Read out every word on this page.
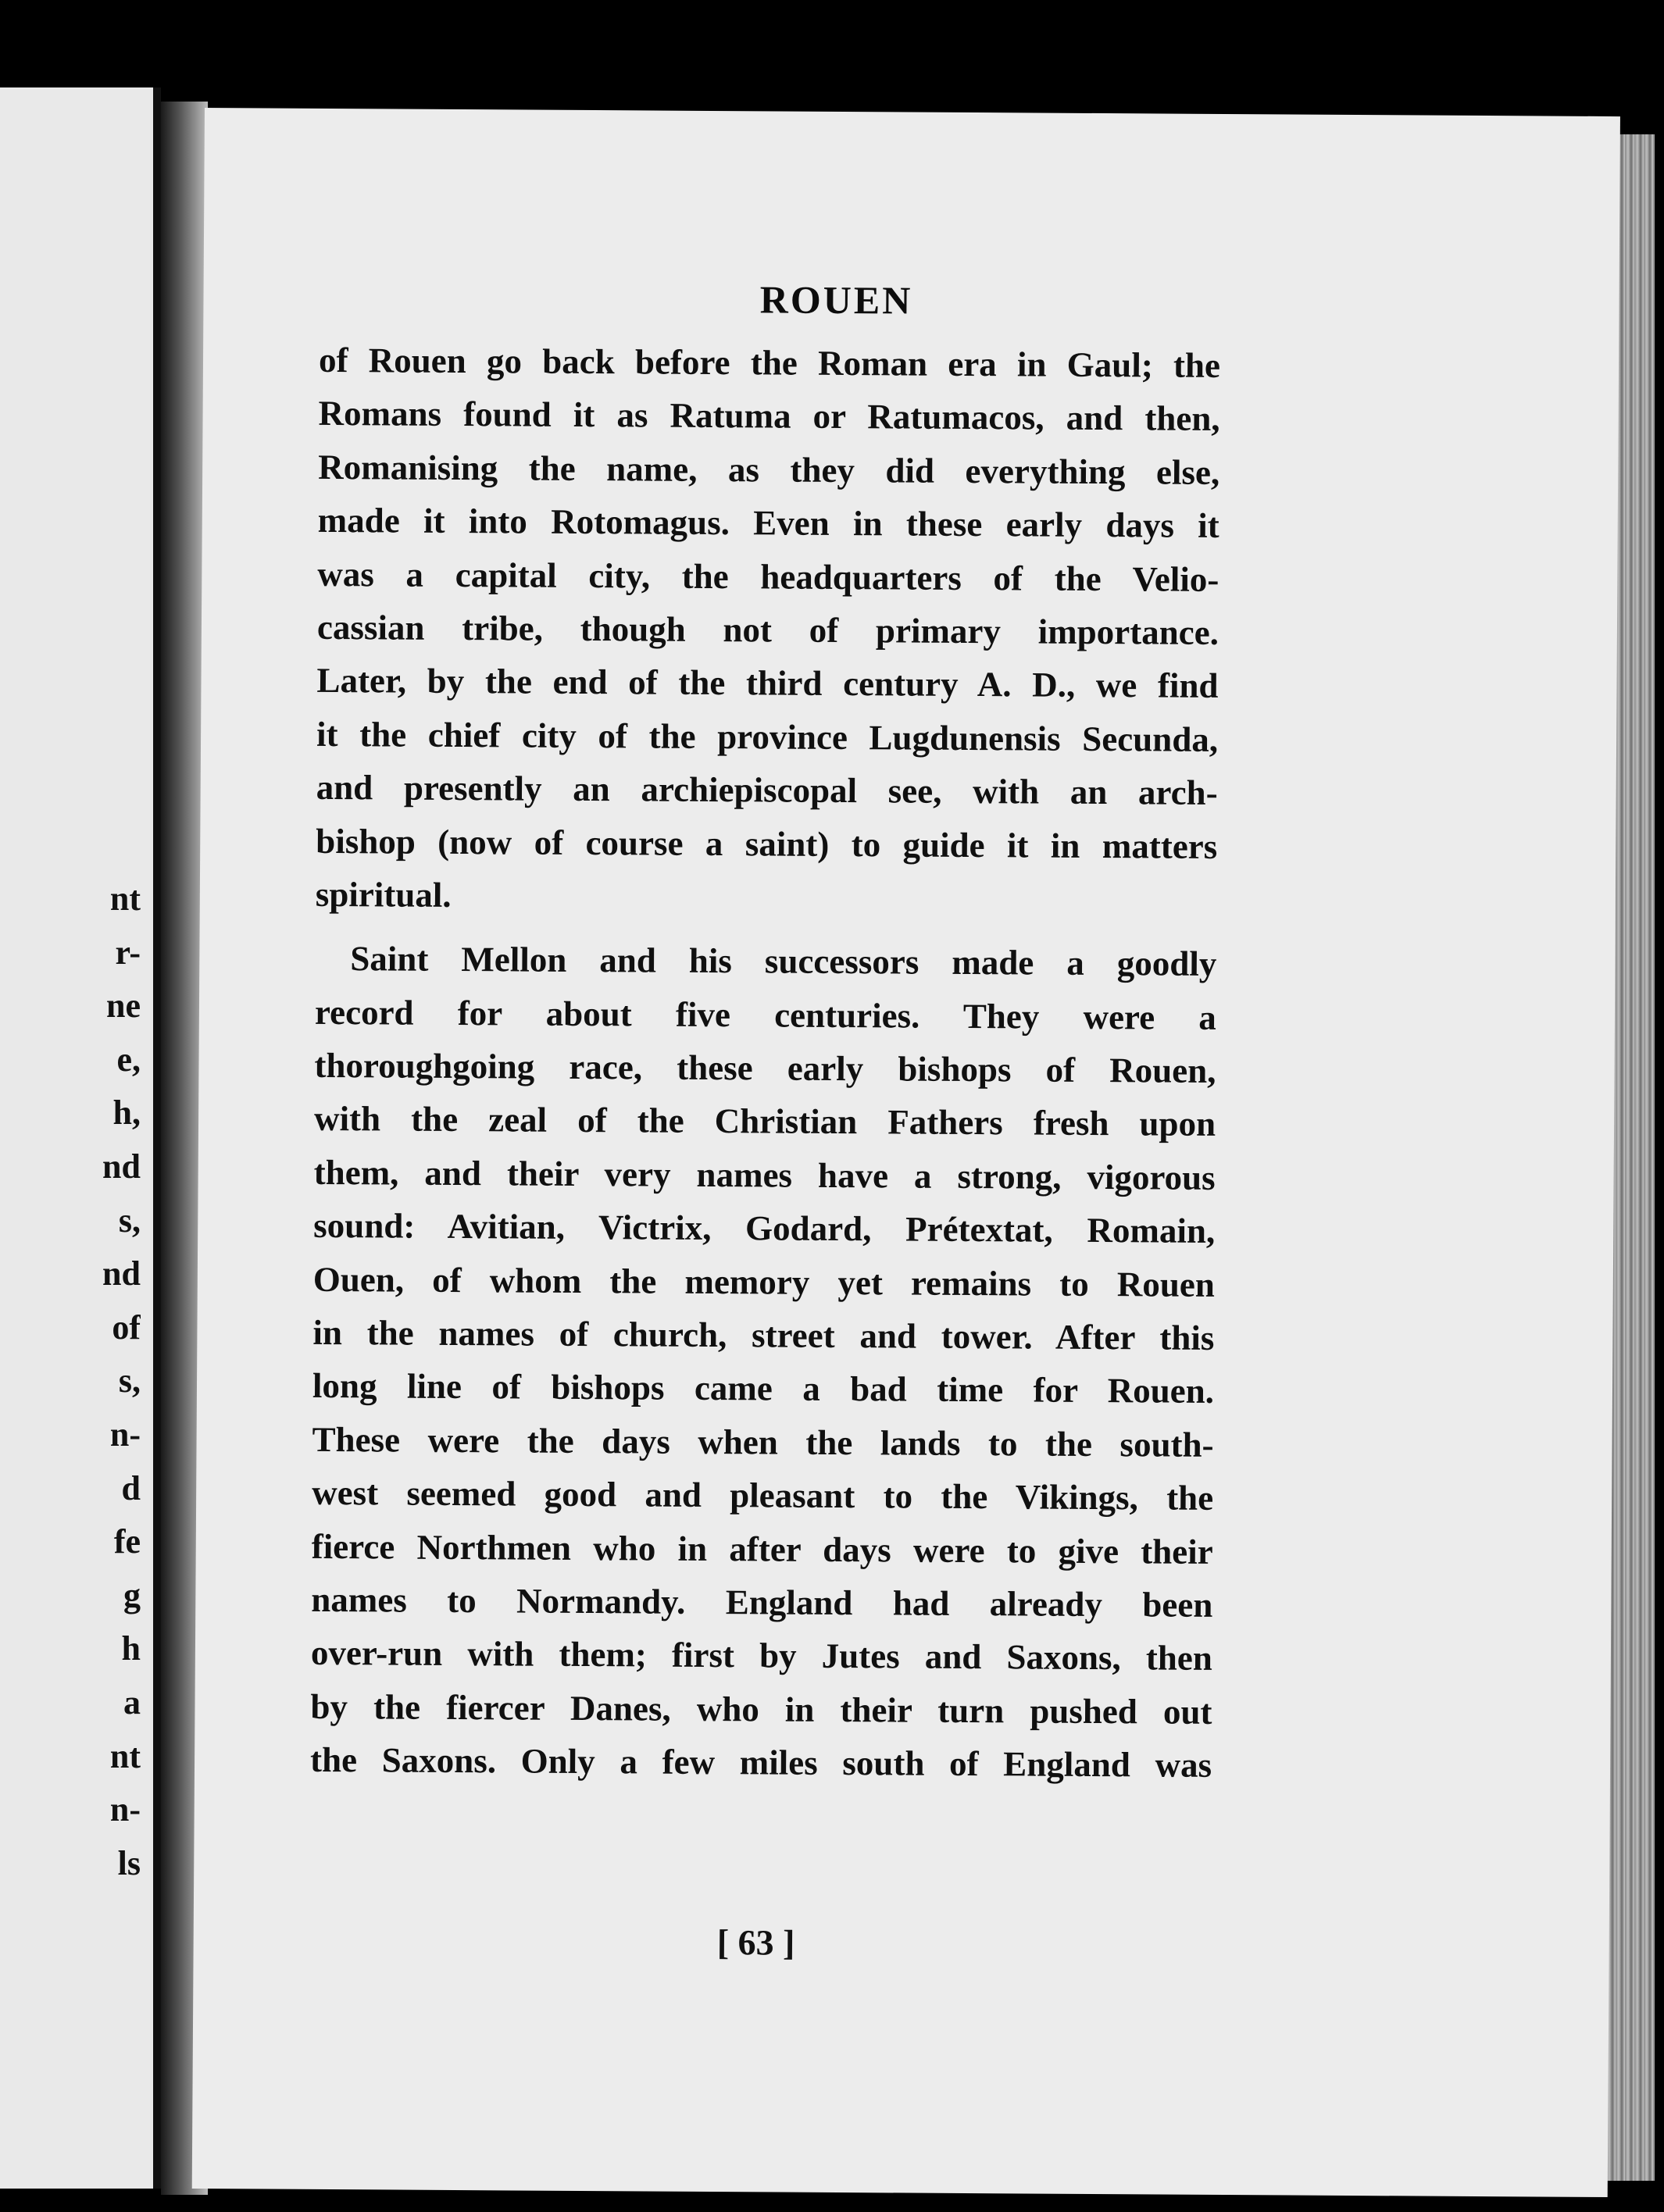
nt
r-
ne
e,
h,
nd
s,
nd
of
s,
n-
d
fe
g
h
a
nt
n-
ls
ROUEN
of Rouen go back before the Roman era in Gaul; the
Romans found it as Ratuma or Ratumacos, and then,
Romanising the name, as they did everything else,
made it into Rotomagus. Even in these early days it
was a capital city, the headquarters of the Velio-
cassian tribe, though not of primary importance.
Later, by the end of the third century A. D., we find
it the chief city of the province Lugdunensis Secunda,
and presently an archiepiscopal see, with an arch-
bishop (now of course a saint) to guide it in matters
spiritual.
Saint Mellon and his successors made a goodly
record for about five centuries. They were a
thoroughgoing race, these early bishops of Rouen,
with the zeal of the Christian Fathers fresh upon
them, and their very names have a strong, vigorous
sound: Avitian, Victrix, Godard, Prétextat, Romain,
Ouen, of whom the memory yet remains to Rouen
in the names of church, street and tower. After this
long line of bishops came a bad time for Rouen.
These were the days when the lands to the south-
west seemed good and pleasant to the Vikings, the
fierce Northmen who in after days were to give their
names to Normandy. England had already been
over-run with them; first by Jutes and Saxons, then
by the fiercer Danes, who in their turn pushed out
the Saxons. Only a few miles south of England was
[ 63 ]
